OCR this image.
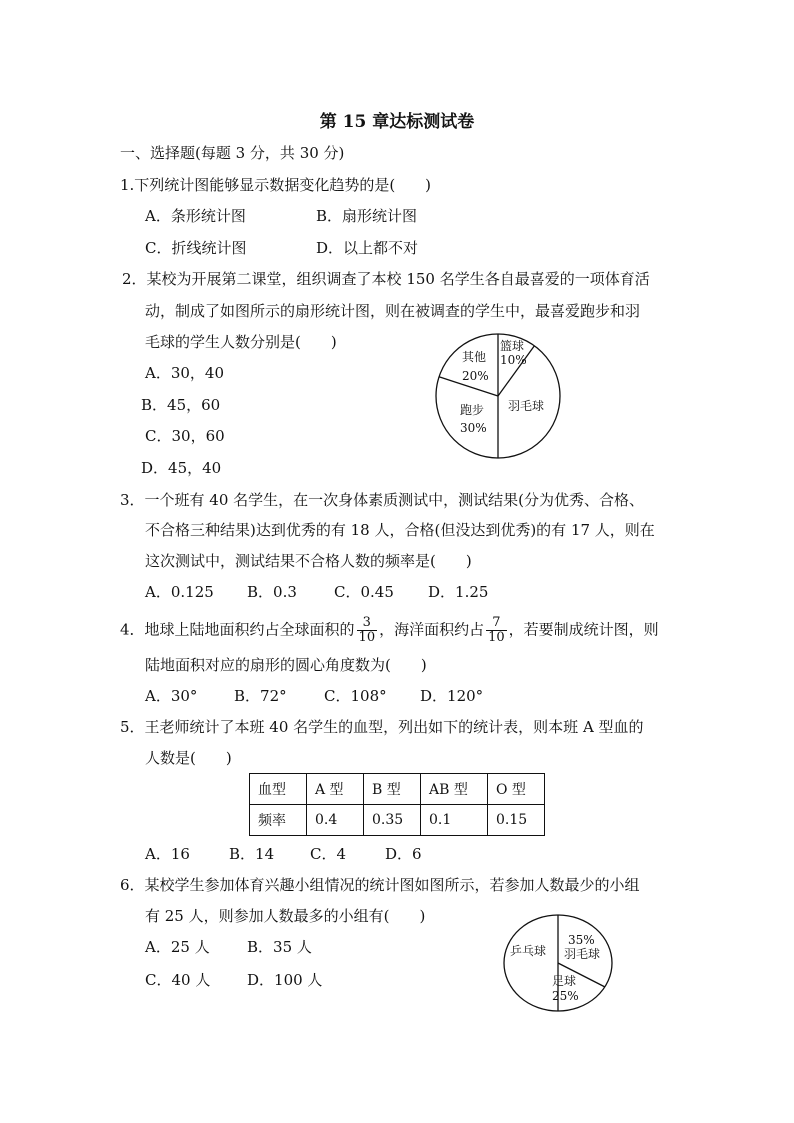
第 15 章达标测试卷
一、选择题(每题 3 分，共 30 分)
1.下列统计图能够显示数据变化趋势的是(　　)
A．条形统计图	B．扇形统计图
C．折线统计图	D．以上都不对
2．某校为开展第二课堂，组织调查了本校 150 名学生各自最喜爱的一项体育活
动，制成了如图所示的扇形统计图，则在被调查的学生中，最喜爱跑步和羽
毛球的学生人数分别是(　　)
A．30，40
B．45，60
C．30，60
D．45，40
其他
20%
篮球
10%
羽毛球
跑步
30%
3．一个班有 40 名学生，在一次身体素质测试中，测试结果(分为优秀、合格、
不合格三种结果)达到优秀的有 18 人，合格(但没达到优秀)的有 17 人，则在
这次测试中，测试结果不合格人数的频率是(　　)
A．0.125 B．0.3 C．0.45 D．1.25
4．地球上陆地面积约占全球面积的 $\frac{3}{10}$ ，海洋面积约占 $\frac{7}{10}$ ，若要制成统计图，则
陆地面积对应的扇形的圆心角度数为(　　)
A．30° B．72° C．108° D．120°
5．王老师统计了本班 40 名学生的血型，列出如下的统计表，则本班 A 型血的
人数是(　　)
血型	A 型	B 型	AB 型	O 型
频率	0.4	0.35	0.1	0.15
A．16	B．14 C．4	D．6
6．某校学生参加体育兴趣小组情况的统计图如图所示，若参加人数最少的小组
有 25 人，则参加人数最多的小组有(　　)
A．25 人 B．35 人
C．40 人 D．100 人
乒乓球
35%
羽毛球
足球
25%
